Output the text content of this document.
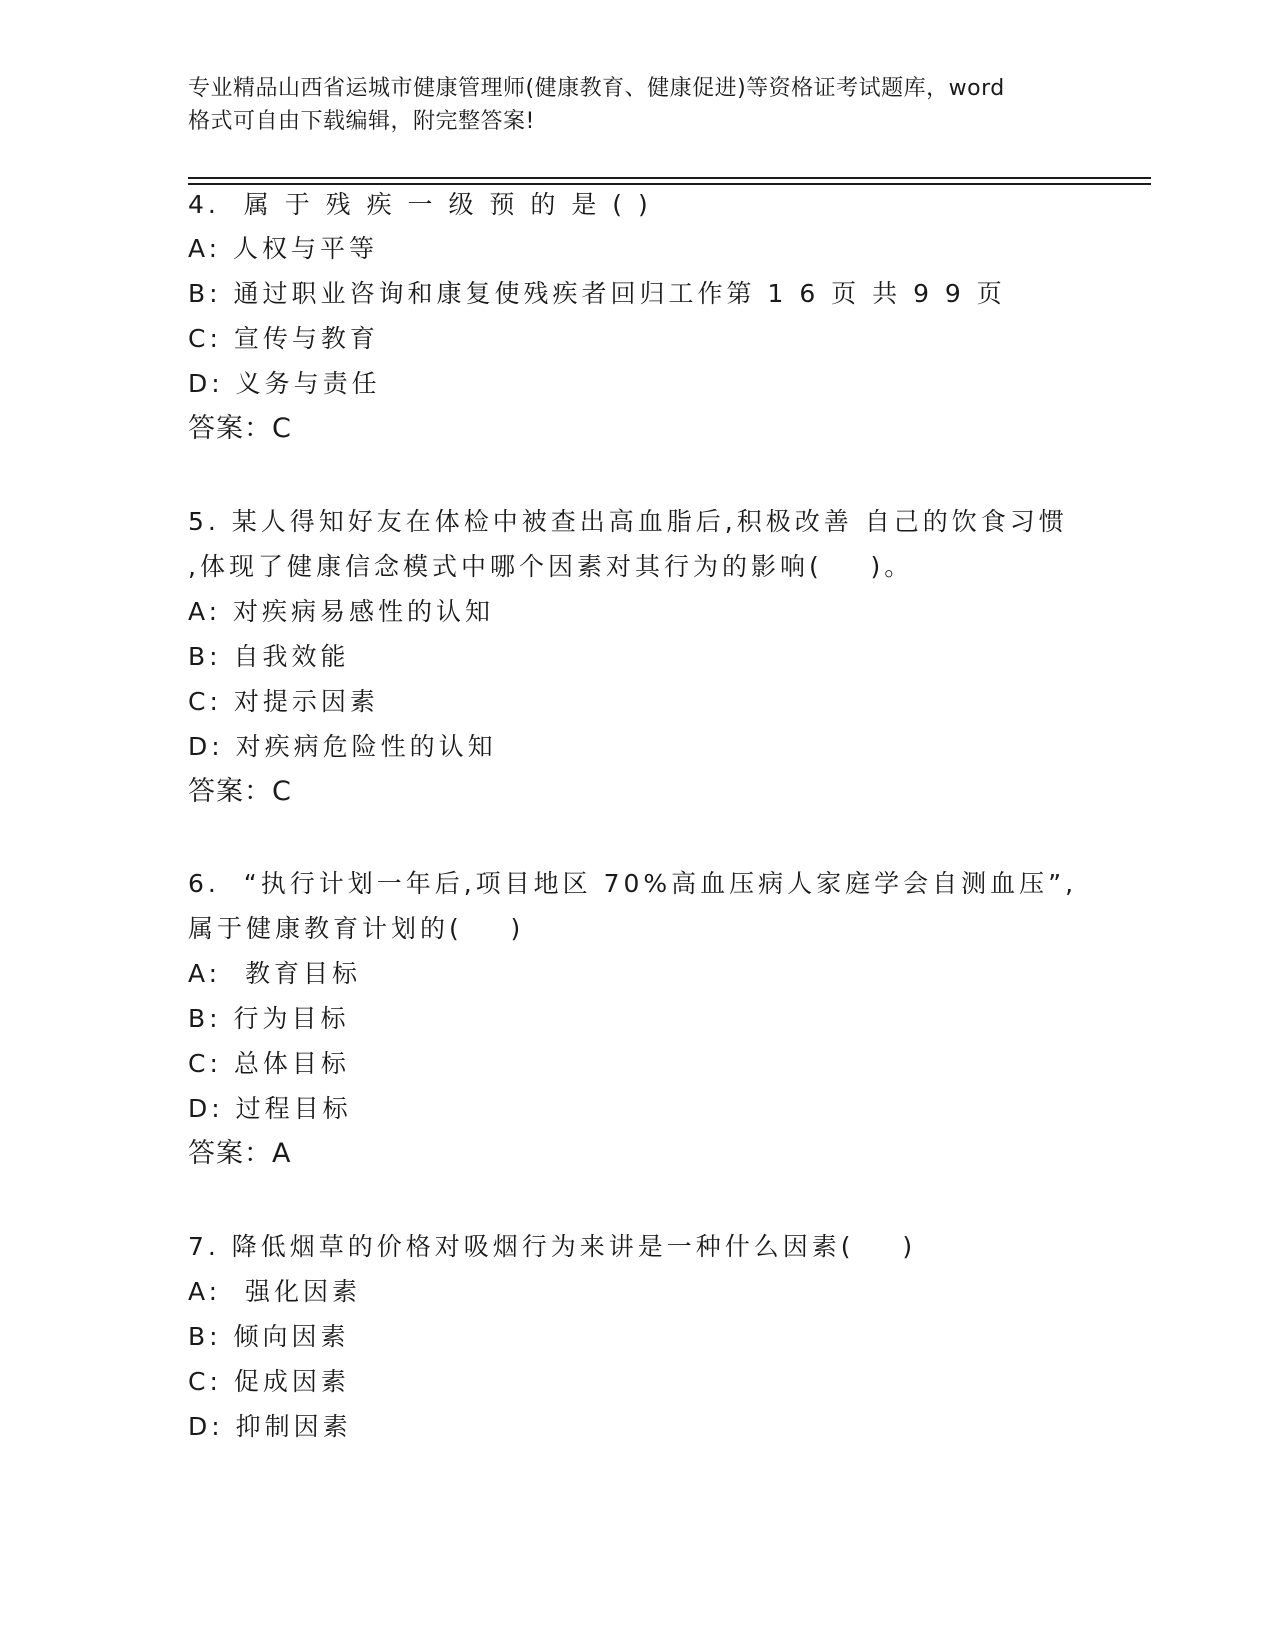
专业精品山西省运城市健康管理师(健康教育、健康促进)等资格证考试题库，word
格式可自由下载编辑，附完整答案!
4.  属 于 残 疾 一 级 预 的 是 ( )
A: 人权与平等
B: 通过职业咨询和康复使残疾者回归工作第 1 6 页 共 9 9 页
C: 宣传与教育
D: 义务与责任
答案：C
5. 某人得知好友在体检中被查出高血脂后,积极改善 自己的饮食习惯
,体现了健康信念模式中哪个因素对其行为的影响(    )。
A: 对疾病易感性的认知
B: 自我效能
C: 对提示因素
D: 对疾病危险性的认知
答案：C
6.  “执行计划一年后,项目地区 70%高血压病人家庭学会自测血压”,
属于健康教育计划的(    )
A:  教育目标
B: 行为目标
C: 总体目标
D: 过程目标
答案：A
7. 降低烟草的价格对吸烟行为来讲是一种什么因素(    )
A:  强化因素
B: 倾向因素
C: 促成因素
D: 抑制因素
